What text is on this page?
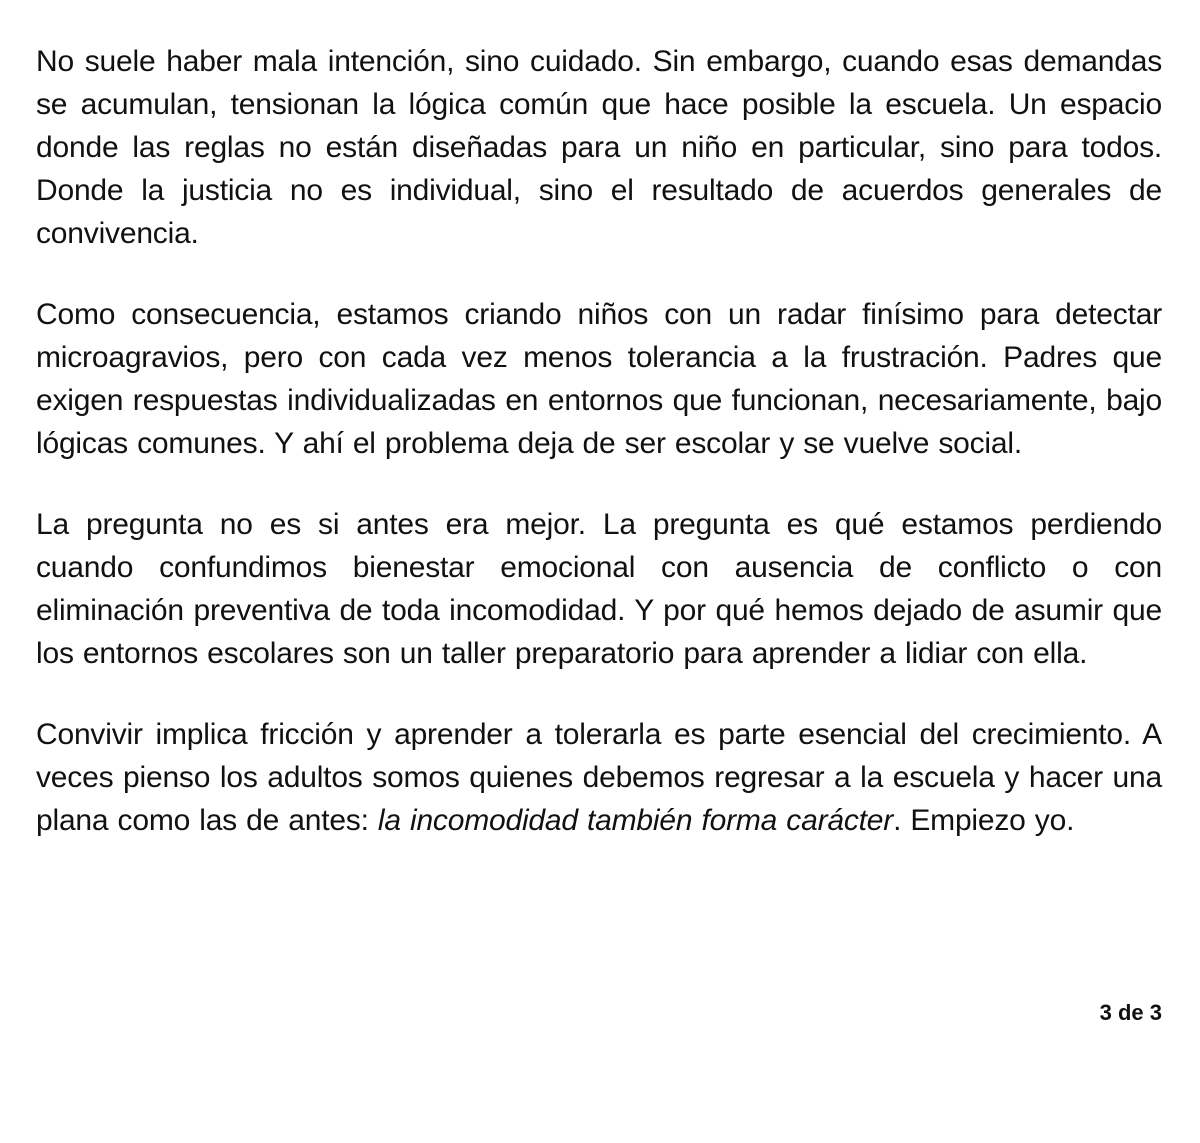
No suele haber mala intención, sino cuidado. Sin embargo, cuando esas demandas se acumulan, tensionan la lógica común que hace posible la escuela. Un espacio donde las reglas no están diseñadas para un niño en particular, sino para todos. Donde la justicia no es individual, sino el resultado de acuerdos generales de convivencia.

Como consecuencia, estamos criando niños con un radar finísimo para detectar microagravios, pero con cada vez menos tolerancia a la frustración. Padres que exigen respuestas individualizadas en entornos que funcionan, necesariamente, bajo lógicas comunes. Y ahí el problema deja de ser escolar y se vuelve social.

La pregunta no es si antes era mejor. La pregunta es qué estamos perdiendo cuando confundimos bienestar emocional con ausencia de conflicto o con eliminación preventiva de toda incomodidad. Y por qué hemos dejado de asumir que los entornos escolares son un taller preparatorio para aprender a lidiar con ella.

Convivir implica fricción y aprender a tolerarla es parte esencial del crecimiento. A veces pienso los adultos somos quienes debemos regresar a la escuela y hacer una plana como las de antes: la incomodidad también forma carácter. Empiezo yo.

3 de 3
